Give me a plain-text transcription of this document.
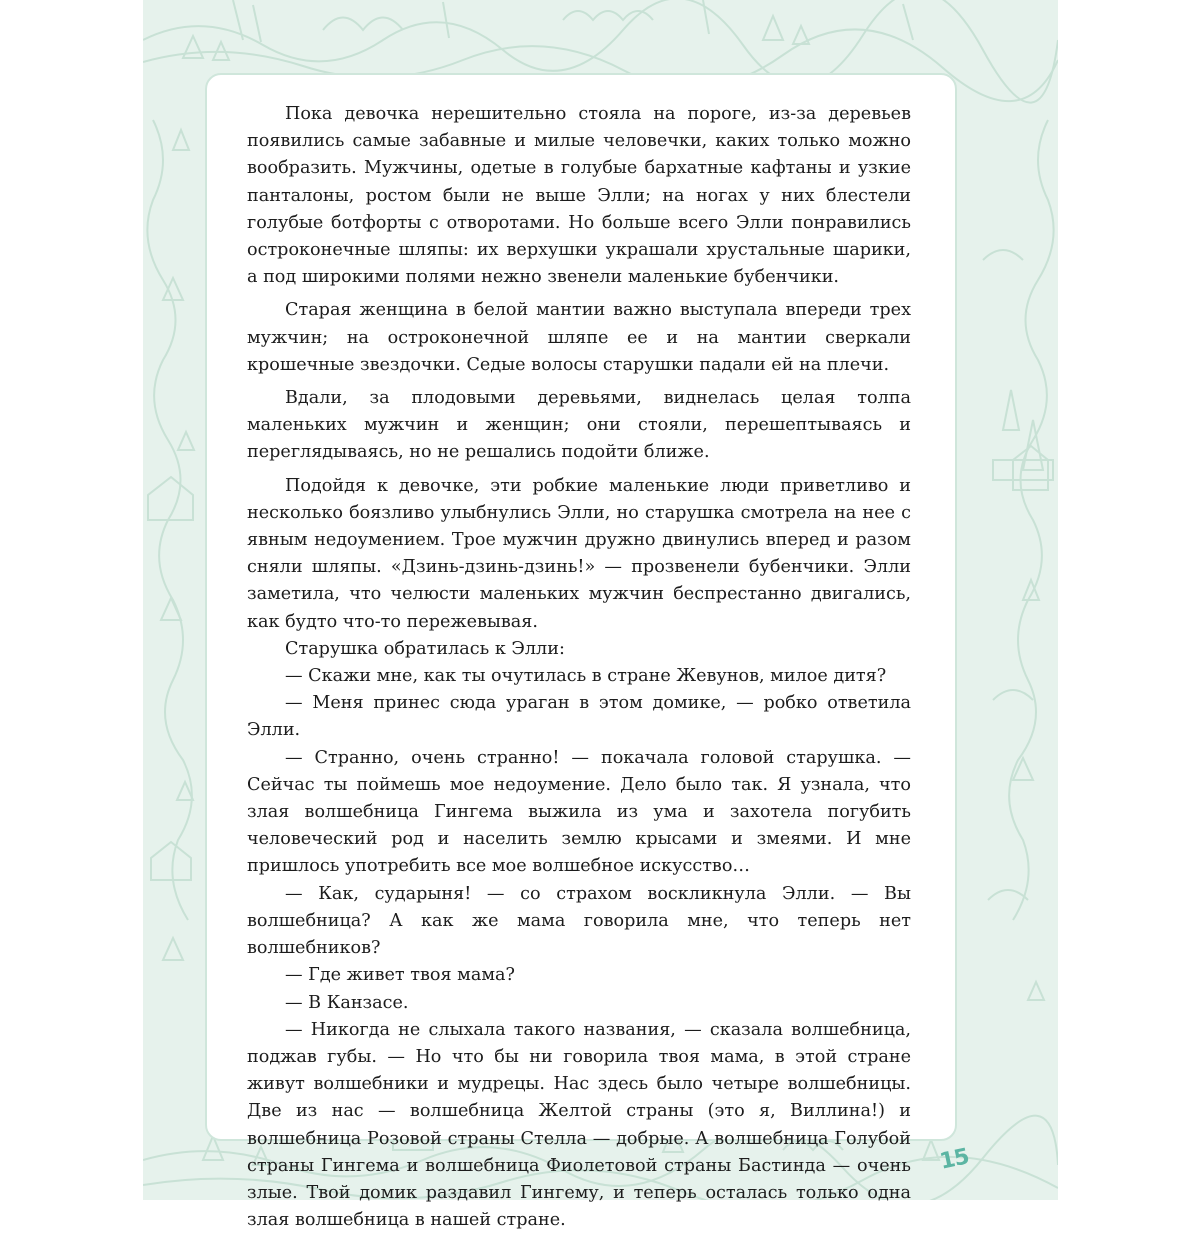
Пока девочка нерешительно стояла на пороге, из-за деревьев появились самые забавные и милые человечки, каких только можно вообразить. Мужчины, одетые в голубые бархатные кафтаны и узкие панталоны, ростом были не выше Элли; на ногах у них блестели голубые ботфорты с отворотами. Но больше всего Элли понравились остроконечные шляпы: их верхушки украшали хрустальные шарики, а под широкими полями нежно звенели маленькие бубенчики.

Старая женщина в белой мантии важно выступала впереди трех мужчин; на остроконечной шляпе ее и на мантии сверкали крошечные звездочки. Седые волосы старушки падали ей на плечи.

Вдали, за плодовыми деревьями, виднелась целая толпа маленьких мужчин и женщин; они стояли, перешептываясь и переглядываясь, но не решались подойти ближе.

Подойдя к девочке, эти робкие маленькие люди приветливо и несколько боязливо улыбнулись Элли, но старушка смотрела на нее с явным недоумением. Трое мужчин дружно двинулись вперед и разом сняли шляпы. «Дзинь-дзинь-дзинь!» — прозвенели бубенчики. Элли заметила, что челюсти маленьких мужчин беспрестанно двигались, как будто что-то пережевывая.

Старушка обратилась к Элли:

— Скажи мне, как ты очутилась в стране Жевунов, милое дитя?

— Меня принес сюда ураган в этом домике, — робко ответила Элли.

— Странно, очень странно! — покачала головой старушка. — Сейчас ты поймешь мое недоумение. Дело было так. Я узнала, что злая волшебница Гингема выжила из ума и захотела погубить человеческий род и населить землю крысами и змеями. И мне пришлось употребить все мое волшебное искусство…

— Как, сударыня! — со страхом воскликнула Элли. — Вы волшебница? А как же мама говорила мне, что теперь нет волшебников?

— Где живет твоя мама?

— В Канзасе.

— Никогда не слыхала такого названия, — сказала волшебница, поджав губы. — Но что бы ни говорила твоя мама, в этой стране живут волшебники и мудрецы. Нас здесь было четыре волшебницы. Две из нас — волшебница Желтой страны (это я, Виллина!) и волшебница Розовой страны Стелла — добрые. А волшебница Голубой страны Гингема и волшебница Фиолетовой страны Бастинда — очень злые. Твой домик раздавил Гингему, и теперь осталась только одна злая волшебница в нашей стране.

15
